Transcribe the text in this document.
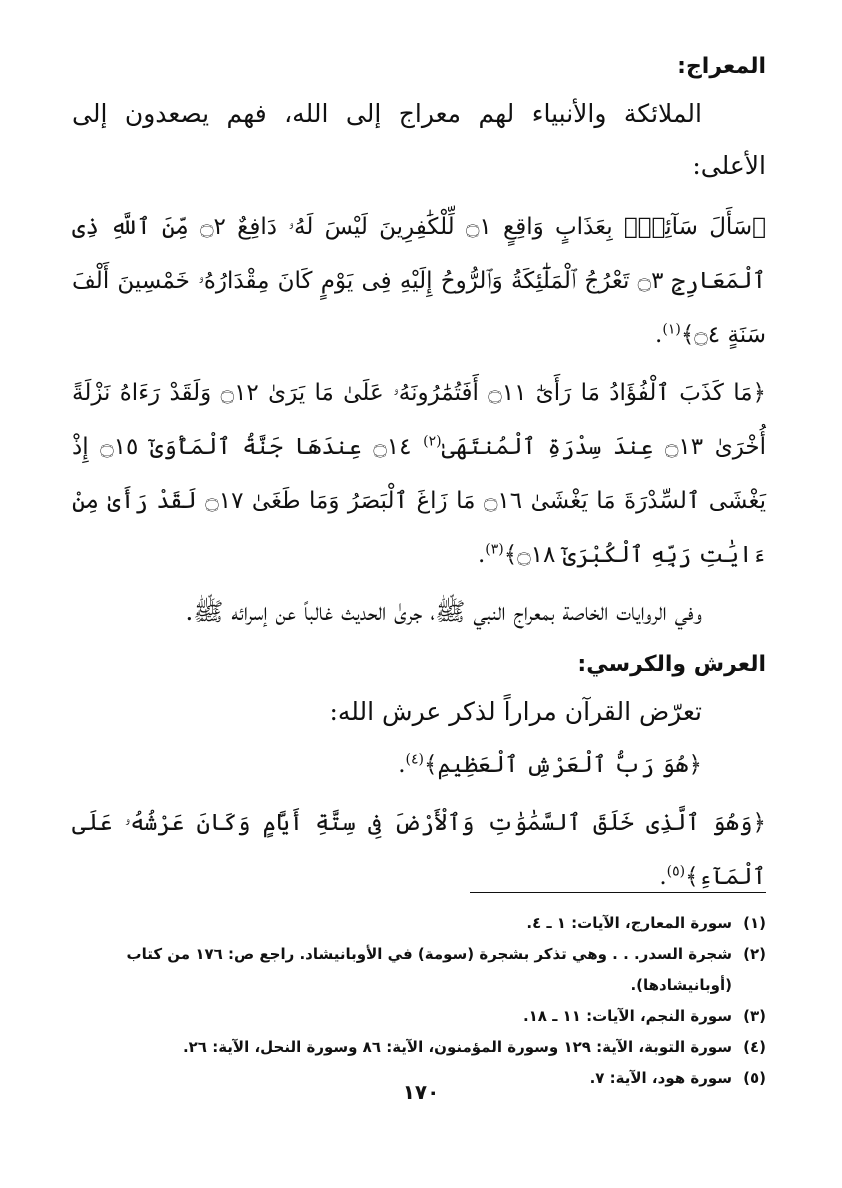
المعراج:

الملائكة والأنبياء لهم معراج إلى الله، فهم يصعدون إلى الأعلى:

﴿سَأَلَ سَآئِلُۢ بِعَذَابٍ وَاقِعٍ ۝١ لِّلْكَٰفِرِينَ لَيْسَ لَهُۥ دَافِعٌ ۝٢ مِّنَ ٱللَّهِ ذِى ٱلْمَعَارِجِ ۝٣ تَعْرُجُ ٱلْمَلَٰٓئِكَةُ وَٱلرُّوحُ إِلَيْهِ فِى يَوْمٍ كَانَ مِقْدَارُهُۥ خَمْسِينَ أَلْفَ سَنَةٍ ۝٤﴾$^{(١)}$.

﴿مَا كَذَبَ ٱلْفُؤَادُ مَا رَأَىٰٓ ۝١١ أَفَتُمَٰرُونَهُۥ عَلَىٰ مَا يَرَىٰ ۝١٢ وَلَقَدْ رَءَاهُ نَزْلَةً أُخْرَىٰ ۝١٣ عِندَ سِدْرَةِ ٱلْمُنتَهَىٰ$^{(٢)}$ ۝١٤ عِندَهَا جَنَّةُ ٱلْمَأْوَىٰٓ ۝١٥ إِذْ يَغْشَى ٱلسِّدْرَةَ مَا يَغْشَىٰ ۝١٦ مَا زَاغَ ٱلْبَصَرُ وَمَا طَغَىٰ ۝١٧ لَقَدْ رَأَىٰ مِنْ ءَايَٰتِ رَبِّهِ ٱلْكُبْرَىٰٓ ۝١٨﴾$^{(٣)}$.

وفي الروايات الخاصة بمعراج النبي ﷺ، جرىٰ الحديث غالباً عن إسرائه ﷺ.

العرش والكرسي:

تعرّض القرآن مراراً لذكر عرش الله:

﴿هُوَ رَبُّ ٱلْعَرْشِ ٱلْعَظِيمِ﴾$^{(٤)}$.

﴿وَهُوَ ٱلَّذِى خَلَقَ ٱلسَّمَٰوَٰتِ وَٱلْأَرْضَ فِى سِتَّةِ أَيَّامٍ وَكَانَ عَرْشُهُۥ عَلَى ٱلْمَآءِ﴾$^{(٥)}$.

(١)
سورة المعارج، الآيات: ١ ـ ٤.
(٢)
شجرة السدر. . . وهي تذكر بشجرة (سومة) في الأوبانيشاد. راجع ص: ١٧٦ من كتاب (أوبانيشادها).
(٣)
سورة النجم، الآيات: ١١ ـ ١٨.
(٤)
سورة التوبة، الآية: ١٢٩ وسورة المؤمنون، الآية: ٨٦ وسورة النحل، الآية: ٢٦.
(٥)
سورة هود، الآية: ٧.
١٧٠
